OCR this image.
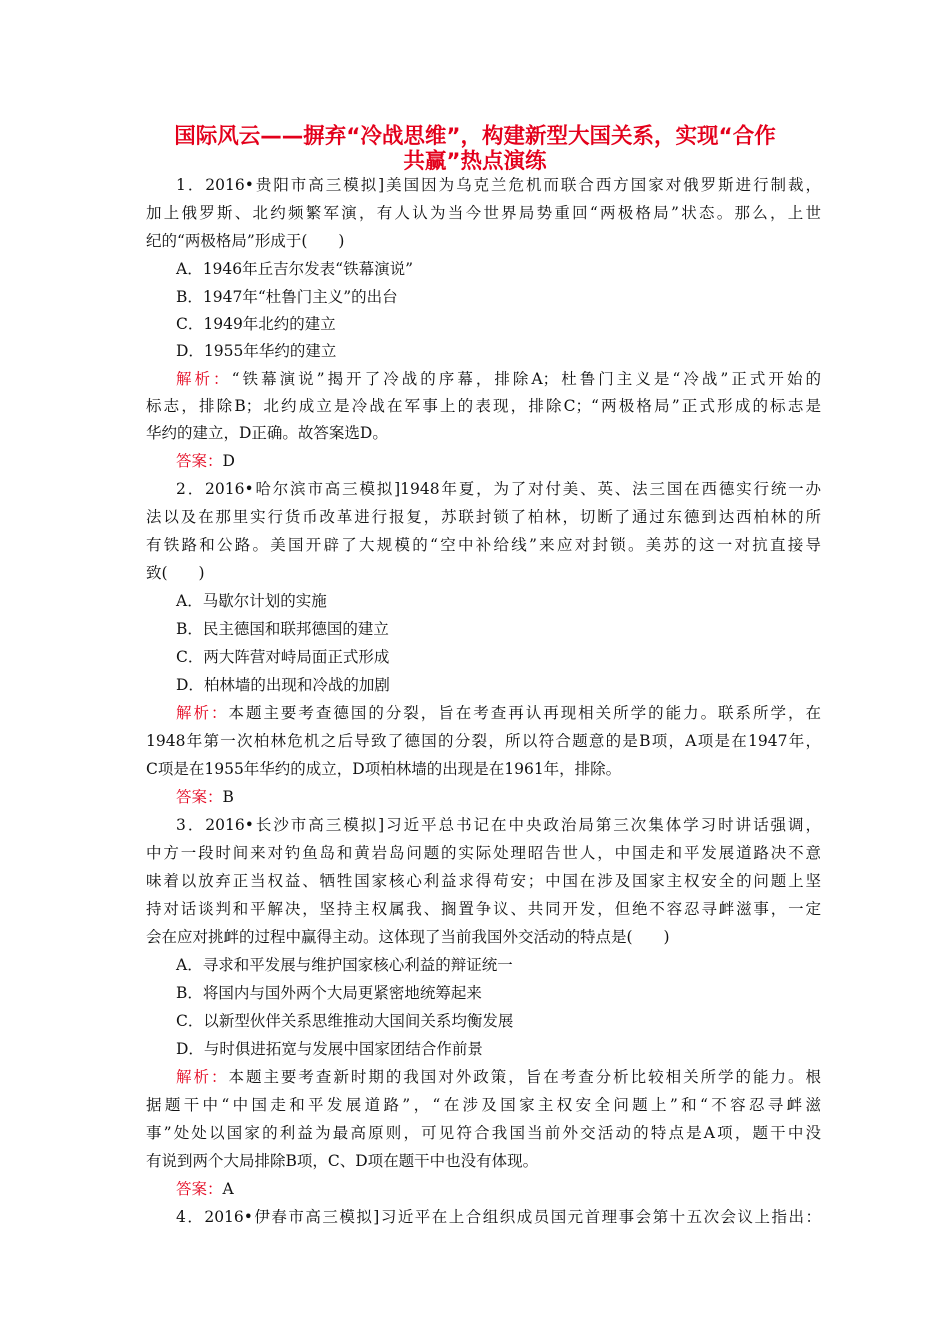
国际风云——摒弃“冷战思维”，构建新型大国关系，实现“合作
共赢”热点演练
1．2016•贵阳市高三模拟]美国因为乌克兰危机而联合西方国家对俄罗斯进行制裁，
加上俄罗斯、北约频繁军演，有人认为当今世界局势重回“两极格局”状态。那么，上世
纪的“两极格局”形成于(　　)
A．1946年丘吉尔发表“铁幕演说”
B．1947年“杜鲁门主义”的出台
C．1949年北约的建立
D．1955年华约的建立
解析：“铁幕演说”揭开了冷战的序幕，排除A；杜鲁门主义是“冷战”正式开始的
标志，排除B；北约成立是冷战在军事上的表现，排除C；“两极格局”正式形成的标志是
华约的建立，D正确。故答案选D。
答案：D
2．2016•哈尔滨市高三模拟]1948年夏，为了对付美、英、法三国在西德实行统一办
法以及在那里实行货币改革进行报复，苏联封锁了柏林，切断了通过东德到达西柏林的所
有铁路和公路。美国开辟了大规模的“空中补给线”来应对封锁。美苏的这一对抗直接导
致(　　)
A．马歇尔计划的实施
B．民主德国和联邦德国的建立
C．两大阵营对峙局面正式形成
D．柏林墙的出现和冷战的加剧
解析：本题主要考查德国的分裂，旨在考查再认再现相关所学的能力。联系所学，在
1948年第一次柏林危机之后导致了德国的分裂，所以符合题意的是B项，A项是在1947年，
C项是在1955年华约的成立，D项柏林墙的出现是在1961年，排除。
答案：B
3．2016•长沙市高三模拟]习近平总书记在中央政治局第三次集体学习时讲话强调，
中方一段时间来对钓鱼岛和黄岩岛问题的实际处理昭告世人，中国走和平发展道路决不意
味着以放弃正当权益、牺牲国家核心利益求得苟安；中国在涉及国家主权安全的问题上坚
持对话谈判和平解决，坚持主权属我、搁置争议、共同开发，但绝不容忍寻衅滋事，一定
会在应对挑衅的过程中赢得主动。这体现了当前我国外交活动的特点是(　　)
A．寻求和平发展与维护国家核心利益的辩证统一
B．将国内与国外两个大局更紧密地统筹起来
C．以新型伙伴关系思维推动大国间关系均衡发展
D．与时俱进拓宽与发展中国家团结合作前景
解析：本题主要考查新时期的我国对外政策，旨在考查分析比较相关所学的能力。根
据题干中“中国走和平发展道路”，“在涉及国家主权安全问题上”和“不容忍寻衅滋
事”处处以国家的利益为最高原则，可见符合我国当前外交活动的特点是A项，题干中没
有说到两个大局排除B项，C、D项在题干中也没有体现。
答案：A
4．2016•伊春市高三模拟]习近平在上合组织成员国元首理事会第十五次会议上指出：
